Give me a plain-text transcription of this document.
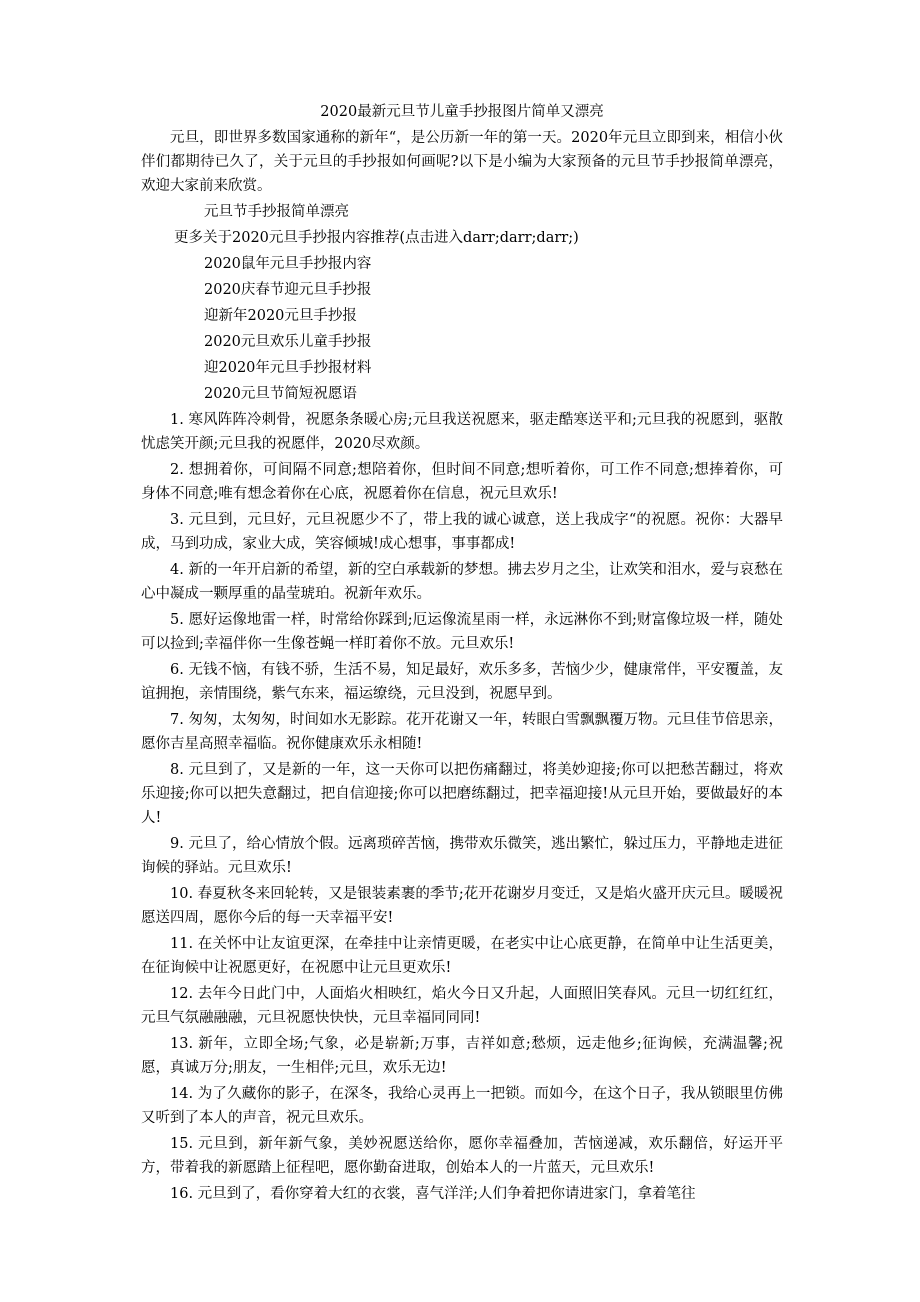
2020最新元旦节儿童手抄报图片简单又漂亮
元旦，即世界多数国家通称的新年“，是公历新一年的第一天。2020年元旦立即到来，相信小伙伴们都期待已久了，关于元旦的手抄报如何画呢?以下是小编为大家预备的元旦节手抄报简单漂亮，欢迎大家前来欣赏。
元旦节手抄报简单漂亮
更多关于2020元旦手抄报内容推荐(点击进入darr;darr;darr;)
2020鼠年元旦手抄报内容
2020庆春节迎元旦手抄报
迎新年2020元旦手抄报
2020元旦欢乐儿童手抄报
迎2020年元旦手抄报材料
2020元旦节简短祝愿语
1. 寒风阵阵冷刺骨，祝愿条条暖心房;元旦我送祝愿来，驱走酷寒送平和;元旦我的祝愿到，驱散忧虑笑开颜;元旦我的祝愿伴，2020尽欢颜。
2. 想拥着你，可间隔不同意;想陪着你，但时间不同意;想听着你，可工作不同意;想捧着你，可身体不同意;唯有想念着你在心底，祝愿着你在信息，祝元旦欢乐!
3. 元旦到，元旦好，元旦祝愿少不了，带上我的诚心诚意，送上我成字“的祝愿。祝你：大器早成，马到功成，家业大成，笑容倾城!成心想事，事事都成!
4. 新的一年开启新的希望，新的空白承载新的梦想。拂去岁月之尘，让欢笑和泪水，爱与哀愁在心中凝成一颗厚重的晶莹琥珀。祝新年欢乐。
5. 愿好运像地雷一样，时常给你踩到;厄运像流星雨一样，永远淋你不到;财富像垃圾一样，随处可以捡到;幸福伴你一生像苍蝇一样盯着你不放。元旦欢乐!
6. 无钱不恼，有钱不骄，生活不易，知足最好，欢乐多多，苦恼少少，健康常伴，平安覆盖，友谊拥抱，亲情围绕，紫气东来，福运缭绕，元旦没到，祝愿早到。
7. 匆匆，太匆匆，时间如水无影踪。花开花谢又一年，转眼白雪飘飘覆万物。元旦佳节倍思亲，愿你吉星高照幸福临。祝你健康欢乐永相随!
8. 元旦到了，又是新的一年，这一天你可以把伤痛翻过，将美妙迎接;你可以把愁苦翻过，将欢乐迎接;你可以把失意翻过，把自信迎接;你可以把磨练翻过，把幸福迎接!从元旦开始，要做最好的本人!
9. 元旦了，给心情放个假。远离琐碎苦恼，携带欢乐微笑，逃出繁忙，躲过压力，平静地走进征询候的驿站。元旦欢乐!
10. 春夏秋冬来回轮转，又是银装素裹的季节;花开花谢岁月变迁，又是焰火盛开庆元旦。暖暖祝愿送四周，愿你今后的每一天幸福平安!
11. 在关怀中让友谊更深，在牵挂中让亲情更暖，在老实中让心底更静，在简单中让生活更美，在征询候中让祝愿更好，在祝愿中让元旦更欢乐!
12. 去年今日此门中，人面焰火相映红，焰火今日又升起，人面照旧笑春风。元旦一切红红红，元旦气氛融融融，元旦祝愿快快快，元旦幸福同同同!
13. 新年，立即全场;气象，必是崭新;万事，吉祥如意;愁烦，远走他乡;征询候，充满温馨;祝愿，真诚万分;朋友，一生相伴;元旦，欢乐无边!
14. 为了久藏你的影子，在深冬，我给心灵再上一把锁。而如今，在这个日子，我从锁眼里仿佛又听到了本人的声音，祝元旦欢乐。
15. 元旦到，新年新气象，美妙祝愿送给你，愿你幸福叠加，苦恼递减，欢乐翻倍，好运开平方，带着我的新愿踏上征程吧，愿你勤奋进取，创始本人的一片蓝天，元旦欢乐!
16. 元旦到了，看你穿着大红的衣裳，喜气洋洋;人们争着把你请进家门，拿着笔往
